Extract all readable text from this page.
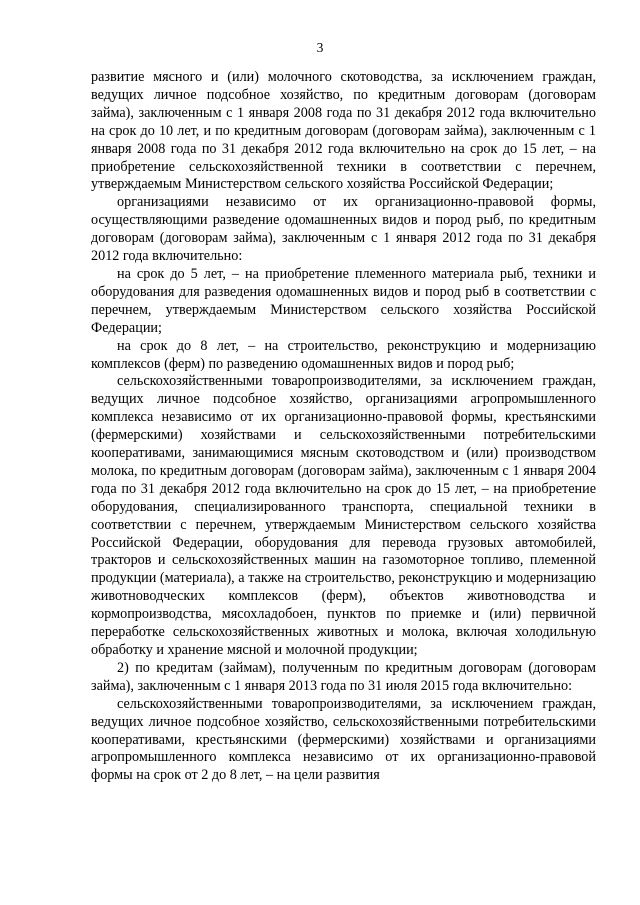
3

развитие мясного и (или) молочного скотоводства, за исключением граждан, ведущих личное подсобное хозяйство, по кредитным договорам (договорам займа), заключенным с 1 января 2008 года по 31 декабря 2012 года включительно на срок до 10 лет, и по кредитным договорам (договорам займа), заключенным с 1 января 2008 года по 31 декабря 2012 года включительно на срок до 15 лет, – на приобретение сельскохозяйственной техники в соответствии с перечнем, утверждаемым Министерством сельского хозяйства Российской Федерации;

организациями независимо от их организационно-правовой формы, осуществляющими разведение одомашненных видов и пород рыб, по кредитным договорам (договорам займа), заключенным с 1 января 2012 года по 31 декабря 2012 года включительно:

на срок до 5 лет, – на приобретение племенного материала рыб, техники и оборудования для разведения одомашненных видов и пород рыб в соответствии с перечнем, утверждаемым Министерством сельского хозяйства Российской Федерации;

на срок до 8 лет, – на строительство, реконструкцию и модернизацию комплексов (ферм) по разведению одомашненных видов и пород рыб;

сельскохозяйственными товаропроизводителями, за исключением граждан, ведущих личное подсобное хозяйство, организациями агропромышленного комплекса независимо от их организационно-правовой формы, крестьянскими (фермерскими) хозяйствами и сельскохозяйственными потребительскими кооперативами, занимающимися мясным скотоводством и (или) производством молока, по кредитным договорам (договорам займа), заключенным с 1 января 2004 года по 31 декабря 2012 года включительно на срок до 15 лет, – на приобретение оборудования, специализированного транспорта, специальной техники в соответствии с перечнем, утверждаемым Министерством сельского хозяйства Российской Федерации, оборудования для перевода грузовых автомобилей, тракторов и сельскохозяйственных машин на газомоторное топливо, племенной продукции (материала), а также на строительство, реконструкцию и модернизацию животноводческих комплексов (ферм), объектов животноводства и кормопроизводства, мясохладобоен, пунктов по приемке и (или) первичной переработке сельскохозяйственных животных и молока, включая холодильную обработку и хранение мясной и молочной продукции;

2) по кредитам (займам), полученным по кредитным договорам (договорам займа), заключенным с 1 января 2013 года по 31 июля 2015 года включительно:

сельскохозяйственными товаропроизводителями, за исключением граждан, ведущих личное подсобное хозяйство, сельскохозяйственными потребительскими кооперативами, крестьянскими (фермерскими) хозяйствами и организациями агропромышленного комплекса независимо от их организационно-правовой формы на срок от 2 до 8 лет, – на цели развития
